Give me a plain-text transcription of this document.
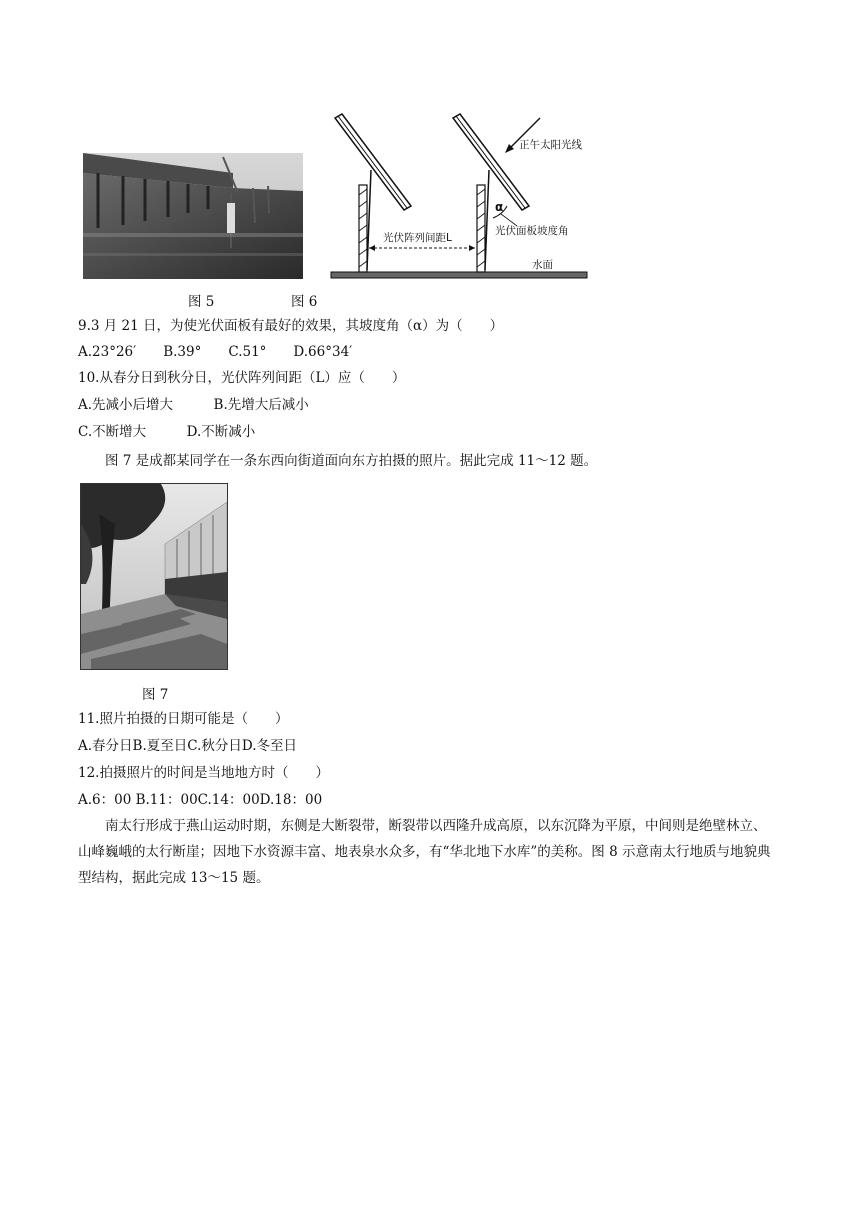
正午太阳光线
α
光伏阵列间距L
光伏面板坡度角
水面
图 5	图 6
9.3 月 21 日，为使光伏面板有最好的效果，其坡度角（α）为（　　）
A.23°26′　　B.39°　　C.51°　　D.66°34′
10.从春分日到秋分日，光伏阵列间距（L）应（　　）
A.先减小后增大　　　B.先增大后减小
C.不断增大　　　D.不断减小
图 7 是成都某同学在一条东西向街道面向东方拍摄的照片。据此完成 11～12 题。
图 7
11.照片拍摄的日期可能是（　　）
A.春分日B.夏至日C.秋分日D.冬至日
12.拍摄照片的时间是当地地方时（　　）
A.6：00 B.11：00C.14：00D.18：00
南太行形成于燕山运动时期，东侧是大断裂带，断裂带以西隆升成高原，以东沉降为平原，中间则是绝壁林立、山峰巍峨的太行断崖；因地下水资源丰富、地表泉水众多，有“华北地下水库”的美称。图 8 示意南太行地质与地貌典型结构，据此完成 13～15 题。
